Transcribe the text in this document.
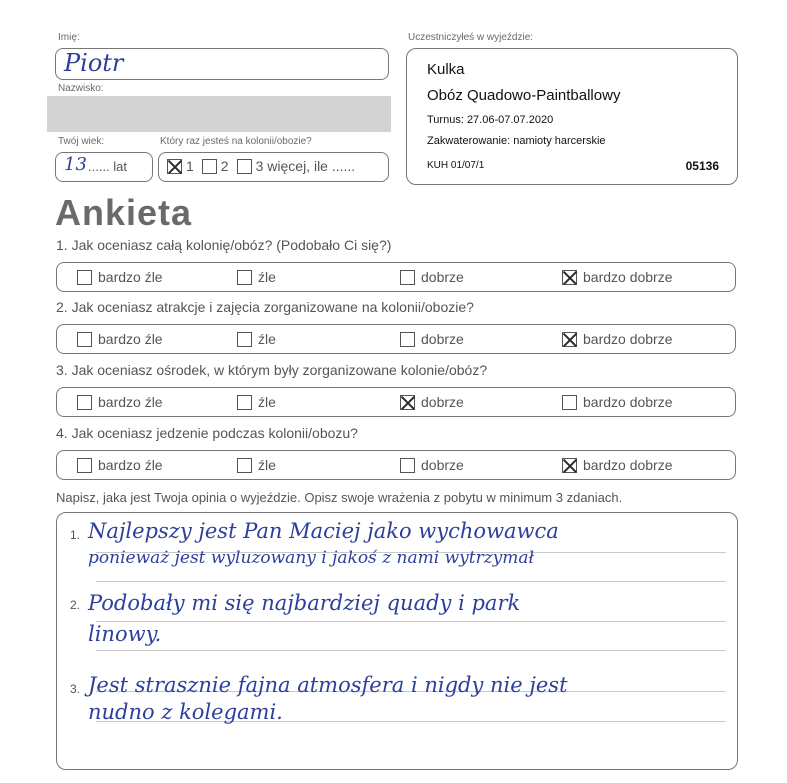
Imię:
Piotr
Nazwisko:
Twój wiek:
13 ...... lat
Który raz jesteś na kolonii/obozie?
1 2 3 więcej, ile ......
Uczestniczyłeś w wyjeździe:
Kulka
Obóz Quadowo-Paintballowy
Turnus: 27.06-07.07.2020
Zakwaterowanie: namioty harcerskie
KUH 01/07/1	05136
Ankieta
1. Jak oceniasz całą kolonię/obóz? (Podobało Ci się?)
bardzo źle	źle	dobrze	bardzo dobrze
2. Jak oceniasz atrakcje i zajęcia zorganizowane na kolonii/obozie?
bardzo źle	źle	dobrze	bardzo dobrze
3. Jak oceniasz ośrodek, w którym były zorganizowane kolonie/obóz?
bardzo źle	źle	dobrze	bardzo dobrze
4. Jak oceniasz jedzenie podczas kolonii/obozu?
bardzo źle	źle	dobrze	bardzo dobrze
Napisz, jaka jest Twoja opinia o wyjeździe. Opisz swoje wrażenia z pobytu w minimum 3 zdaniach.
1. Najlepszy jest Pan Maciej jako wychowawca
ponieważ jest wyluzowany i jakoś z nami wytrzymał
2. Podobały mi się najbardziej quady i park
linowy.
3. Jest strasznie fajna atmosfera i nigdy nie jest
nudno z kolegami.
